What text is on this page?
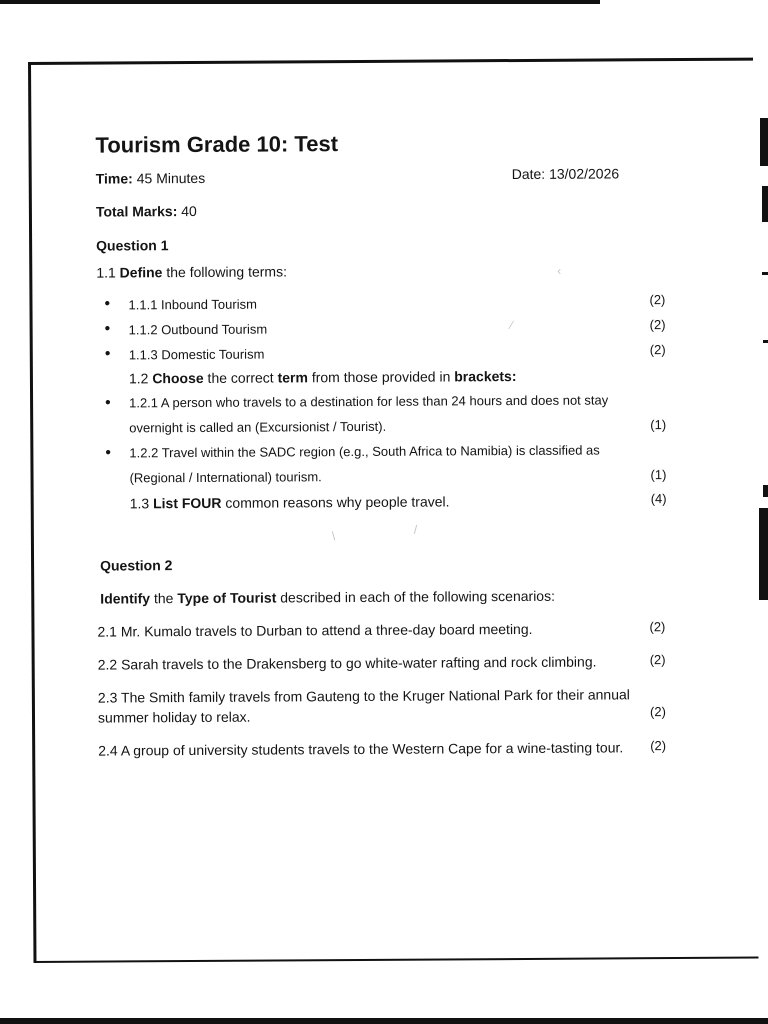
Tourism Grade 10: Test
Time: 45 Minutes	Date: 13/02/2026
Total Marks: 40
Question 1
1.1 Define the following terms:
• 1.1.1 Inbound Tourism	(2)
• 1.1.2 Outbound Tourism	(2)
• 1.1.3 Domestic Tourism	(2)
1.2 Choose the correct term from those provided in brackets:
• 1.2.1 A person who travels to a destination for less than 24 hours and does not stay
overnight is called an (Excursionist / Tourist).	(1)
• 1.2.2 Travel within the SADC region (e.g., South Africa to Namibia) is classified as
(Regional / International) tourism.	(1)
1.3 List FOUR common reasons why people travel.	(4)
‹
⁄
\	/
Question 2
Identify the Type of Tourist described in each of the following scenarios:
2.1 Mr. Kumalo travels to Durban to attend a three-day board meeting.	(2)
2.2 Sarah travels to the Drakensberg to go white-water rafting and rock climbing.	(2)
2.3 The Smith family travels from Gauteng to the Kruger National Park for their annual
summer holiday to relax.	(2)
2.4 A group of university students travels to the Western Cape for a wine-tasting tour. (2)
